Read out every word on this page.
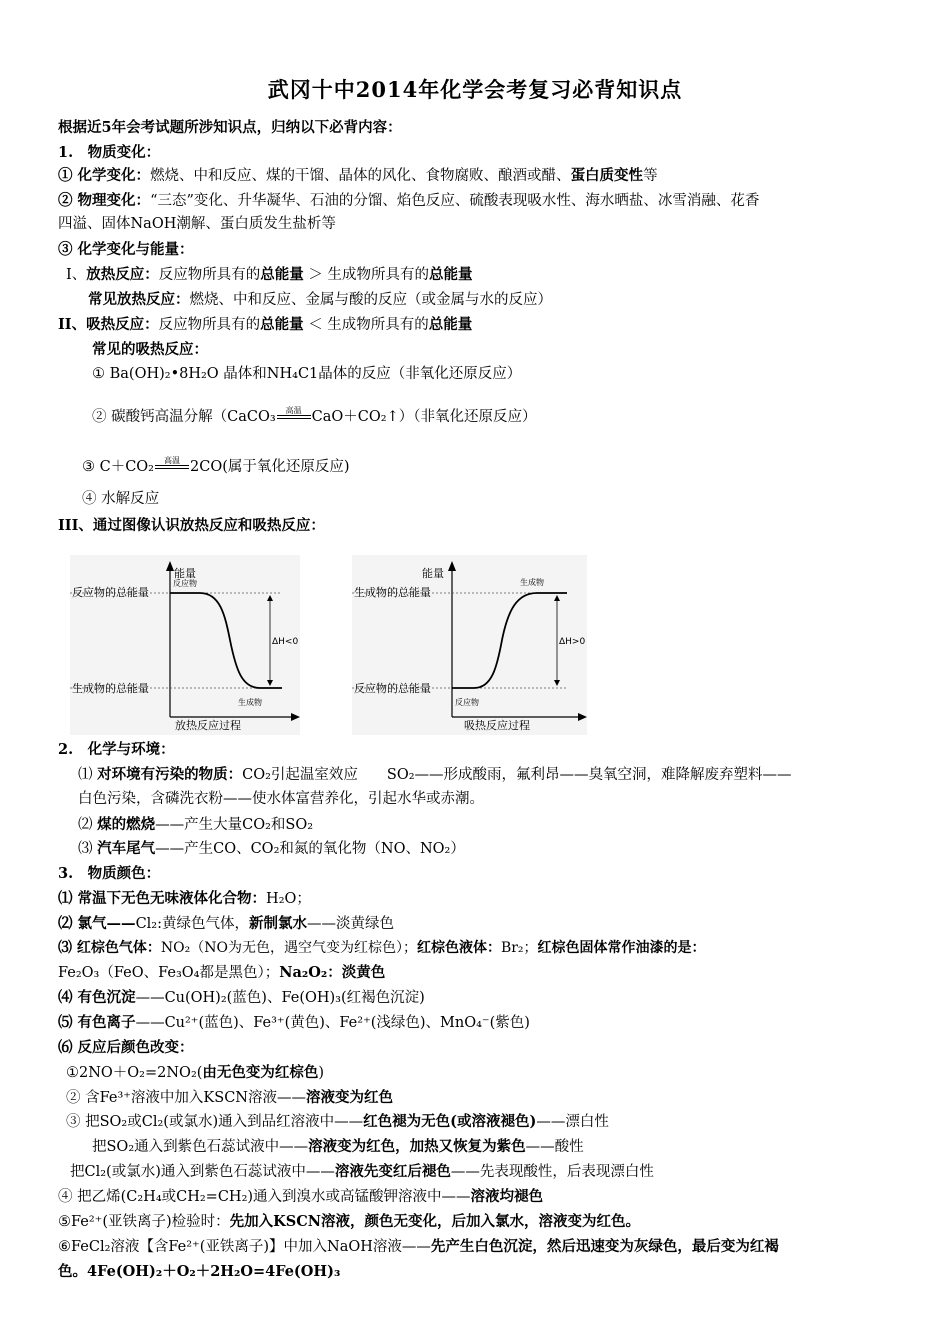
武冈十中2014年化学会考复习必背知识点
根据近5年会考试题所涉知识点，归纳以下必背内容：
1.　物质变化：
① 化学变化：燃烧、中和反应、煤的干馏、晶体的风化、食物腐败、酿酒或醋、蛋白质变性等
② 物理变化：“三态”变化、升华凝华、石油的分馏、焰色反应、硫酸表现吸水性、海水晒盐、冰雪消融、花香
四溢、固体NaOH潮解、蛋白质发生盐析等
③ 化学变化与能量：
I、放热反应：反应物所具有的总能量 ＞ 生成物所具有的总能量
常见放热反应：燃烧、中和反应、金属与酸的反应（或金属与水的反应）
II、吸热反应：反应物所具有的总能量 ＜ 生成物所具有的总能量
常见的吸热反应：
① Ba(OH)₂•8H₂O 晶体和NH₄C1晶体的反应（非氧化还原反应）
② 碳酸钙高温分解（CaCO₃	高温 CaO＋CO₂↑）（非氧化还原反应）
③ C＋CO₂	高温 2CO(属于氧化还原反应)
④ 水解反应
III、通过图像认识放热反应和吸热反应：
能量
反应物
反应物的总能量
生成物的总能量
生成物
ΔH<0
放热反应过程
能量
生成物
生成物的总能量
反应物的总能量
反应物
ΔH>0
吸热反应过程
2.　化学与环境：
⑴ 对环境有污染的物质：CO₂引起温室效应　　SO₂——形成酸雨，氟利昂——臭氧空洞，难降解废弃塑料——
白色污染，含磷洗衣粉——使水体富营养化，引起水华或赤潮。
⑵ 煤的燃烧——产生大量CO₂和SO₂
⑶ 汽车尾气——产生CO、CO₂和氮的氧化物（NO、NO₂）
3.　物质颜色：
⑴ 常温下无色无味液体化合物：H₂O；
⑵ 氯气——Cl₂:黄绿色气体，新制氯水——淡黄绿色
⑶ 红棕色气体：NO₂（NO为无色，遇空气变为红棕色）；红棕色液体：Br₂；红棕色固体常作油漆的是：
Fe₂O₃（FeO、Fe₃O₄都是黑色）；Na₂O₂：淡黄色
⑷ 有色沉淀——Cu(OH)₂(蓝色)、Fe(OH)₃(红褐色沉淀)
⑸ 有色离子——Cu²⁺(蓝色)、Fe³⁺(黄色)、Fe²⁺(浅绿色)、MnO₄⁻(紫色)
⑹ 反应后颜色改变：
①2NO＋O₂=2NO₂(由无色变为红棕色)
② 含Fe³⁺溶液中加入KSCN溶液——溶液变为红色
③ 把SO₂或Cl₂(或氯水)通入到品红溶液中——红色褪为无色(或溶液褪色)——漂白性
把SO₂通入到紫色石蕊试液中——溶液变为红色，加热又恢复为紫色——酸性
把Cl₂(或氯水)通入到紫色石蕊试液中——溶液先变红后褪色——先表现酸性，后表现漂白性
④ 把乙烯(C₂H₄或CH₂=CH₂)通入到溴水或高锰酸钾溶液中——溶液均褪色
⑤Fe²⁺(亚铁离子)检验时：先加入KSCN溶液，颜色无变化，后加入氯水，溶液变为红色。
⑥FeCl₂溶液【含Fe²⁺(亚铁离子)】中加入NaOH溶液——先产生白色沉淀，然后迅速变为灰绿色，最后变为红褐
色。4Fe(OH)₂＋O₂＋2H₂O=4Fe(OH)₃
